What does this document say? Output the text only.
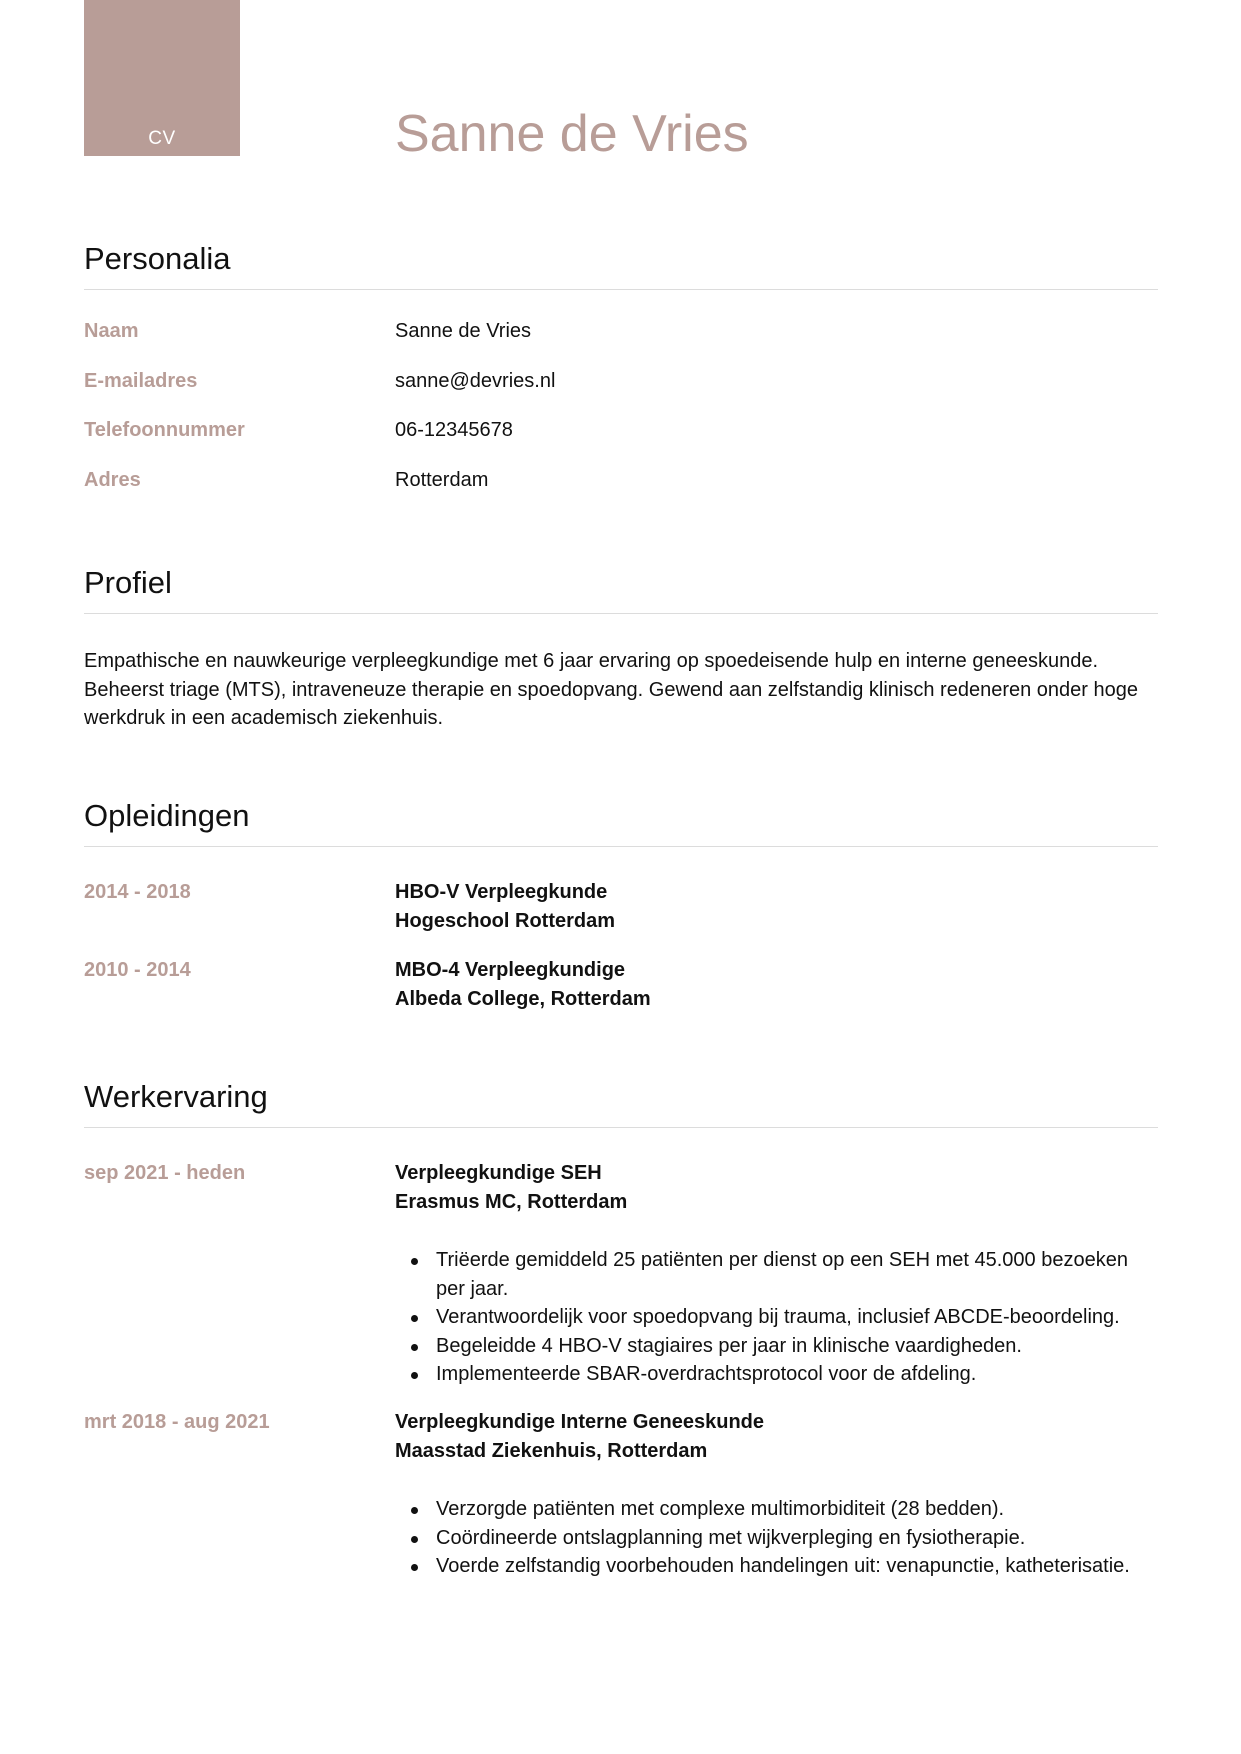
CV	Sanne de Vries
Personalia
Naam	Sanne de Vries
E-mailadres	sanne@devries.nl
Telefoonnummer	06-12345678
Adres	Rotterdam
Profiel
Empathische en nauwkeurige verpleegkundige met 6 jaar ervaring op spoedeisende hulp en interne geneeskunde. Beheerst triage (MTS), intraveneuze therapie en spoedopvang. Gewend aan zelfstandig klinisch redeneren onder hoge werkdruk in een academisch ziekenhuis.
Opleidingen
2014 - 2018	HBO-V Verpleegkunde
Hogeschool Rotterdam
2010 - 2014	MBO-4 Verpleegkundige
Albeda College, Rotterdam
Werkervaring
sep 2021 - heden	Verpleegkundige SEH
Erasmus MC, Rotterdam
Triëerde gemiddeld 25 patiënten per dienst op een SEH met 45.000 bezoeken per jaar.
Verantwoordelijk voor spoedopvang bij trauma, inclusief ABCDE-beoordeling.
Begeleidde 4 HBO-V stagiaires per jaar in klinische vaardigheden.
Implementeerde SBAR-overdrachtsprotocol voor de afdeling.
mrt 2018 - aug 2021	Verpleegkundige Interne Geneeskunde
Maasstad Ziekenhuis, Rotterdam
Verzorgde patiënten met complexe multimorbiditeit (28 bedden).
Coördineerde ontslagplanning met wijkverpleging en fysiotherapie.
Voerde zelfstandig voorbehouden handelingen uit: venapunctie, katheterisatie.
